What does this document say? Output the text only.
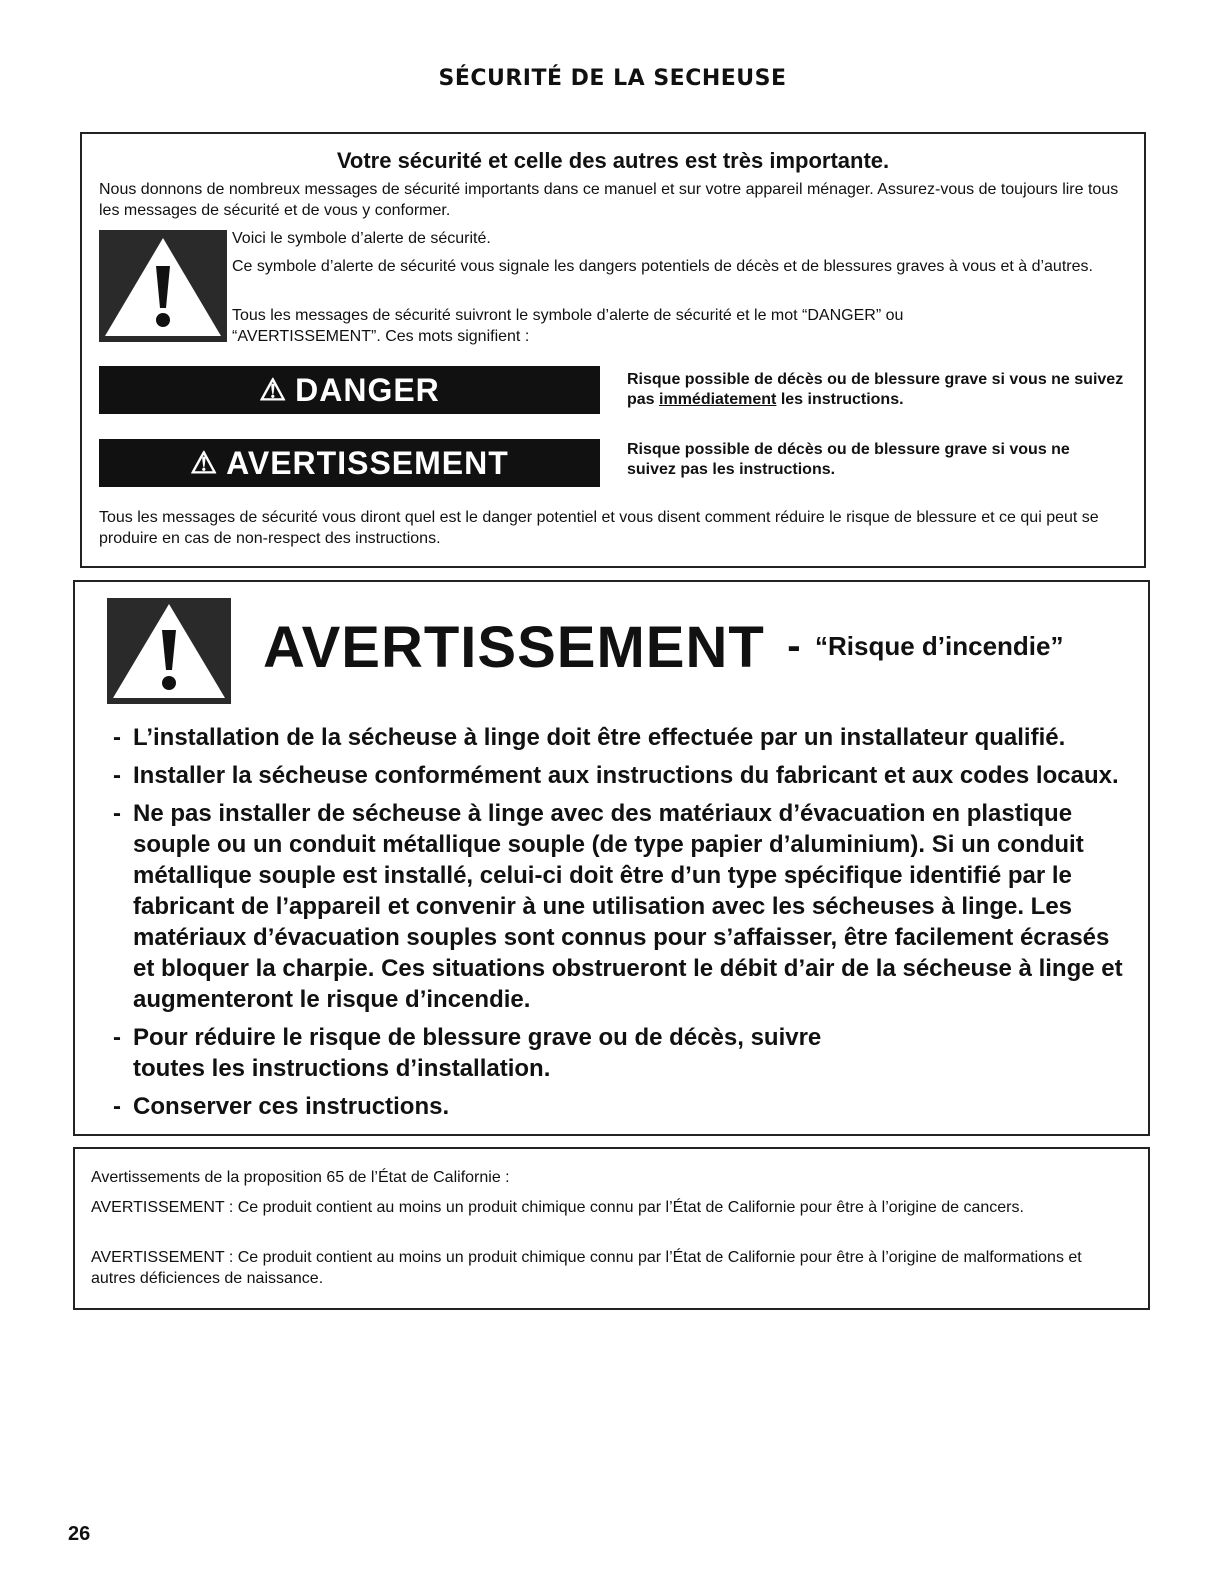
SÉCURITÉ DE LA SECHEUSE
Votre sécurité et celle des autres est très importante.
Nous donnons de nombreux messages de sécurité importants dans ce manuel et sur votre appareil ménager. Assurez-vous de toujours lire tous les messages de sécurité et de vous y conformer.
Voici le symbole d’alerte de sécurité.
Ce symbole d’alerte de sécurité vous signale les dangers potentiels de décès et de blessures graves à vous et à d’autres.
Tous les messages de sécurité suivront le symbole d’alerte de sécurité et le mot “DANGER” ou “AVERTISSEMENT”. Ces mots signifient :
⚠ DANGER	Risque possible de décès ou de blessure grave si vous ne suivez pas immédiatement les instructions.
⚠ AVERTISSEMENT	Risque possible de décès ou de blessure grave si vous ne suivez pas les instructions.
Tous les messages de sécurité vous diront quel est le danger potentiel et vous disent comment réduire le risque de blessure et ce qui peut se produire en cas de non-respect des instructions.
AVERTISSEMENT - “Risque d’incendie”
- L’installation de la sécheuse à linge doit être effectuée par un installateur qualifié.
- Installer la sécheuse conformément aux instructions du fabricant et aux codes locaux.
- Ne pas installer de sécheuse à linge avec des matériaux d’évacuation en plastique souple ou un conduit métallique souple (de type papier d’aluminium). Si un conduit métallique souple est installé, celui-ci doit être d’un type spécifique identifié par le fabricant de l’appareil et convenir à une utilisation avec les sécheuses à linge. Les matériaux d’évacuation souples sont connus pour s’affaisser, être facilement écrasés et bloquer la charpie. Ces situations obstrueront le débit d’air de la sécheuse à linge et augmenteront le risque d’incendie.
- Pour réduire le risque de blessure grave ou de décès, suivre toutes les instructions d’installation.
- Conserver ces instructions.
Avertissements de la proposition 65 de l’État de Californie :
AVERTISSEMENT : Ce produit contient au moins un produit chimique connu par l’État de Californie pour être à l’origine de cancers.
AVERTISSEMENT : Ce produit contient au moins un produit chimique connu par l’État de Californie pour être à l’origine de malformations et autres déficiences de naissance.
26
